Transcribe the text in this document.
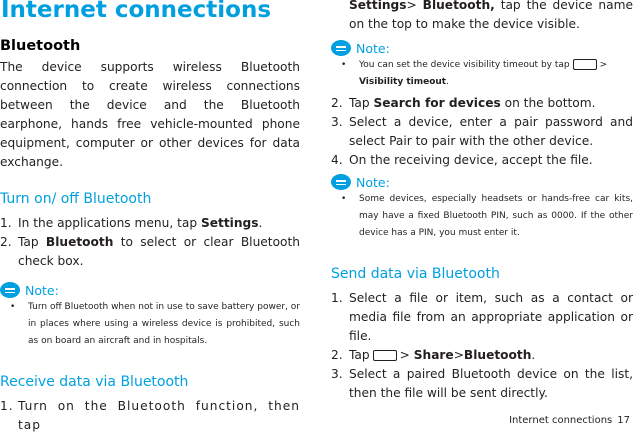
Internet connections

Bluetooth

The device supports wireless Bluetooth connection to create wireless connections between the device and the Bluetooth earphone, hands free vehicle-mounted phone equipment, computer or other devices for data exchange.

Turn on/ off Bluetooth

1. In the applications menu, tap Settings.
2. Tap Bluetooth to select or clear Bluetooth check box.
Note:
• Turn off Bluetooth when not in use to save battery power, or in places where using a wireless device is prohibited, such as on board an aircraft and in hospitals.

Receive data via Bluetooth

1. Turn on the Bluetooth function, then tap
Settings> Bluetooth, tap the device name on the top to make the device visible.
Note:
• You can set the device visibility timeout by tap	>
Visibility timeout.

2. Tap Search for devices on the bottom.
3. Select a device, enter a pair password and select Pair to pair with the other device.
4. On the receiving device, accept the file.
Note:
• Some devices, especially headsets or hands-free car kits, may have a fixed Bluetooth PIN, such as 0000. If the other device has a PIN, you must enter it.

Send data via Bluetooth

1. Select a file or item, such as a contact or media file from an appropriate application or file.
2. Tap > Share>Bluetooth.
3. Select a paired Bluetooth device on the list, then the file will be sent directly.
Internet connections 17
